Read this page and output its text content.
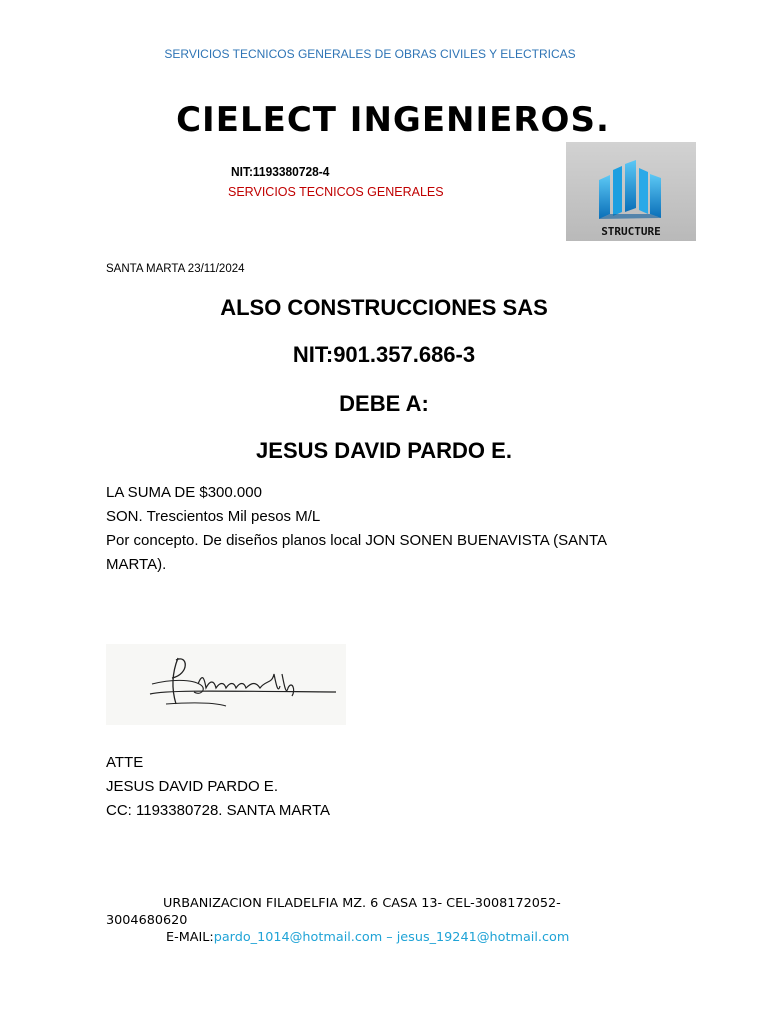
SERVICIOS TECNICOS GENERALES DE OBRAS CIVILES Y ELECTRICAS
CIELECT INGENIEROS.
NIT:1193380728-4
SERVICIOS TECNICOS GENERALES
STRUCTURE
SANTA MARTA 23/11/2024
ALSO CONSTRUCCIONES SAS
NIT:901.357.686-3
DEBE A:
JESUS DAVID PARDO E.
LA SUMA DE $300.000
SON. Trescientos Mil pesos M/L
Por concepto. De diseños planos local JON SONEN BUENAVISTA (SANTA MARTA).
ATTE
JESUS DAVID PARDO E.
CC: 1193380728. SANTA MARTA
URBANIZACION FILADELFIA MZ. 6 CASA 13- CEL-3008172052-
3004680620
E-MAIL:pardo_1014@hotmail.com – jesus_19241@hotmail.com
